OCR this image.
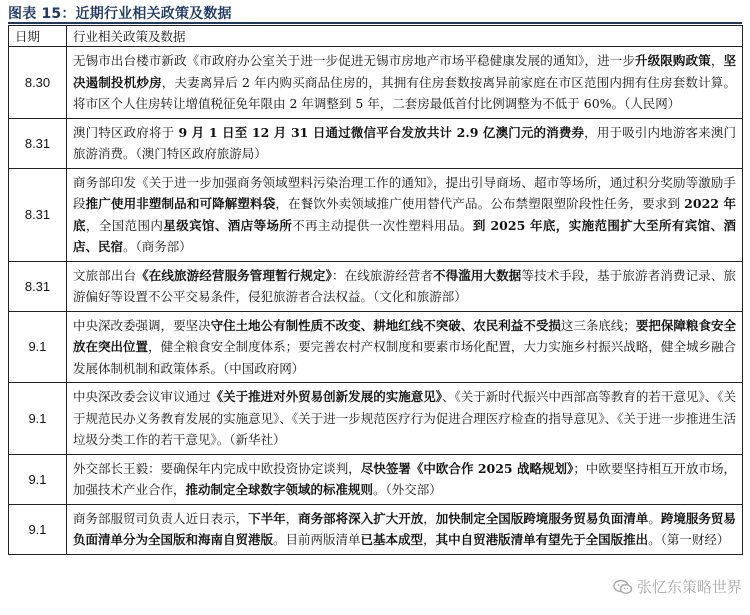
图表 15：近期行业相关政策及数据
日期	行业相关政策及数据
8.30	无锡市出台楼市新政《市政府办公室关于进一步促进无锡市房地产市场平稳健康发展的通知》，进一步升级限购政策，坚决遏制投机炒房，夫妻离异后 2 年内购买商品住房的，其拥有住房套数按离异前家庭在市区范围内拥有住房套数计算。将市区个人住房转让增值税征免年限由 2 年调整到 5 年，二套房最低首付比例调整为不低于 60%。（人民网）
8.31	澳门特区政府将于 9 月 1 日至 12 月 31 日通过微信平台发放共计 2.9 亿澳门元的消费券，用于吸引内地游客来澳门旅游消费。（澳门特区政府旅游局）
8.31	商务部印发《关于进一步加强商务领域塑料污染治理工作的通知》，提出引导商场、超市等场所，通过积分奖励等激励手段推广使用非塑制品和可降解塑料袋，在餐饮外卖领域推广使用替代产品。公布禁塑限塑阶段性任务，要求到 2022 年底，全国范围内星级宾馆、酒店等场所不再主动提供一次性塑料用品。到 2025 年底，实施范围扩大至所有宾馆、酒店、民宿。（商务部）
8.31	文旅部出台《在线旅游经营服务管理暂行规定》：在线旅游经营者不得滥用大数据等技术手段，基于旅游者消费记录、旅游偏好等设置不公平交易条件，侵犯旅游者合法权益。（文化和旅游部）
9.1	中央深改委强调，要坚决守住土地公有制性质不改变、耕地红线不突破、农民利益不受损这三条底线；要把保障粮食安全放在突出位置，健全粮食安全制度体系；要完善农村产权制度和要素市场化配置，大力实施乡村振兴战略，健全城乡融合发展体制机制和政策体系。（中国政府网）
9.1	中央深改委会议审议通过《关于推进对外贸易创新发展的实施意见》、《关于新时代振兴中西部高等教育的若干意见》、《关于规范民办义务教育发展的实施意见》、《关于进一步规范医疗行为促进合理医疗检查的指导意见》、《关于进一步推进生活垃圾分类工作的若干意见》。（新华社）
9.1	外交部长王毅：要确保年内完成中欧投资协定谈判，尽快签署《中欧合作 2025 战略规划》；中欧要坚持相互开放市场，加强技术产业合作，推动制定全球数字领域的标准规则。（外交部）
9.1	商务部服贸司负责人近日表示，下半年，商务部将深入扩大开放，加快制定全国版跨境服务贸易负面清单。跨境服务贸易负面清单分为全国版和海南自贸港版。目前两版清单已基本成型，其中自贸港版清单有望先于全国版推出。（第一财经）
张忆东策略世界
